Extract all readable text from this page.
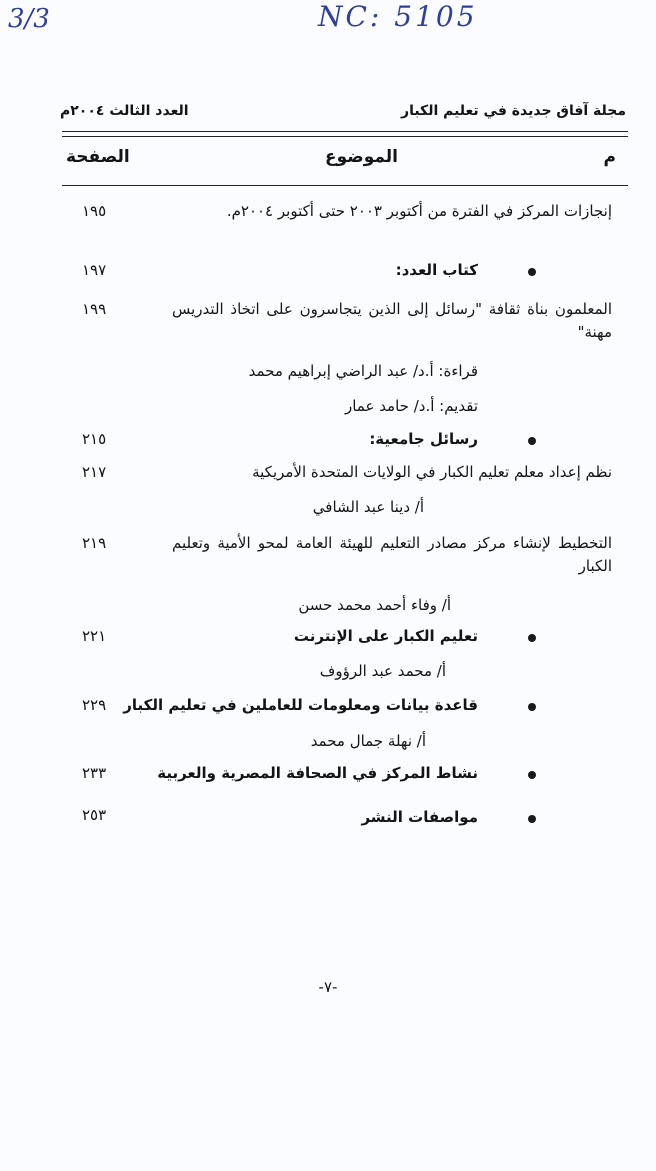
3/3	NC: 5105
مجلة آفاق جديدة في تعليم الكبار
العدد الثالث ٢٠٠٤م
م
الموضوع
الصفحة
إنجازات المركز في الفترة من أكتوبر ٢٠٠٣ حتى أكتوبر ٢٠٠٤م.
١٩٥
كتاب العدد:
١٩٧
المعلمون بناة ثقافة "رسائل إلى الذين يتجاسرون على اتخاذ التدريس مهنة"
١٩٩
قراءة: أ.د/ عبد الراضي إبراهيم محمد
تقديم: أ.د/ حامد عمار
رسائل جامعية:
٢١٥
نظم إعداد معلم تعليم الكبار في الولايات المتحدة الأمريكية
٢١٧
أ/ دينا عبد الشافي
التخطيط لإنشاء مركز مصادر التعليم للهيئة العامة لمحو الأمية وتعليم الكبار
٢١٩
أ/ وفاء أحمد محمد حسن
تعليم الكبار على الإنترنت
٢٢١
أ/ محمد عبد الرؤوف
قاعدة بيانات ومعلومات للعاملين في تعليم الكبار
٢٢٩
أ/ نهلة جمال محمد
نشاط المركز في الصحافة المصرية والعربية
٢٣٣
مواصفات النشر
٢٥٣
-٧-
